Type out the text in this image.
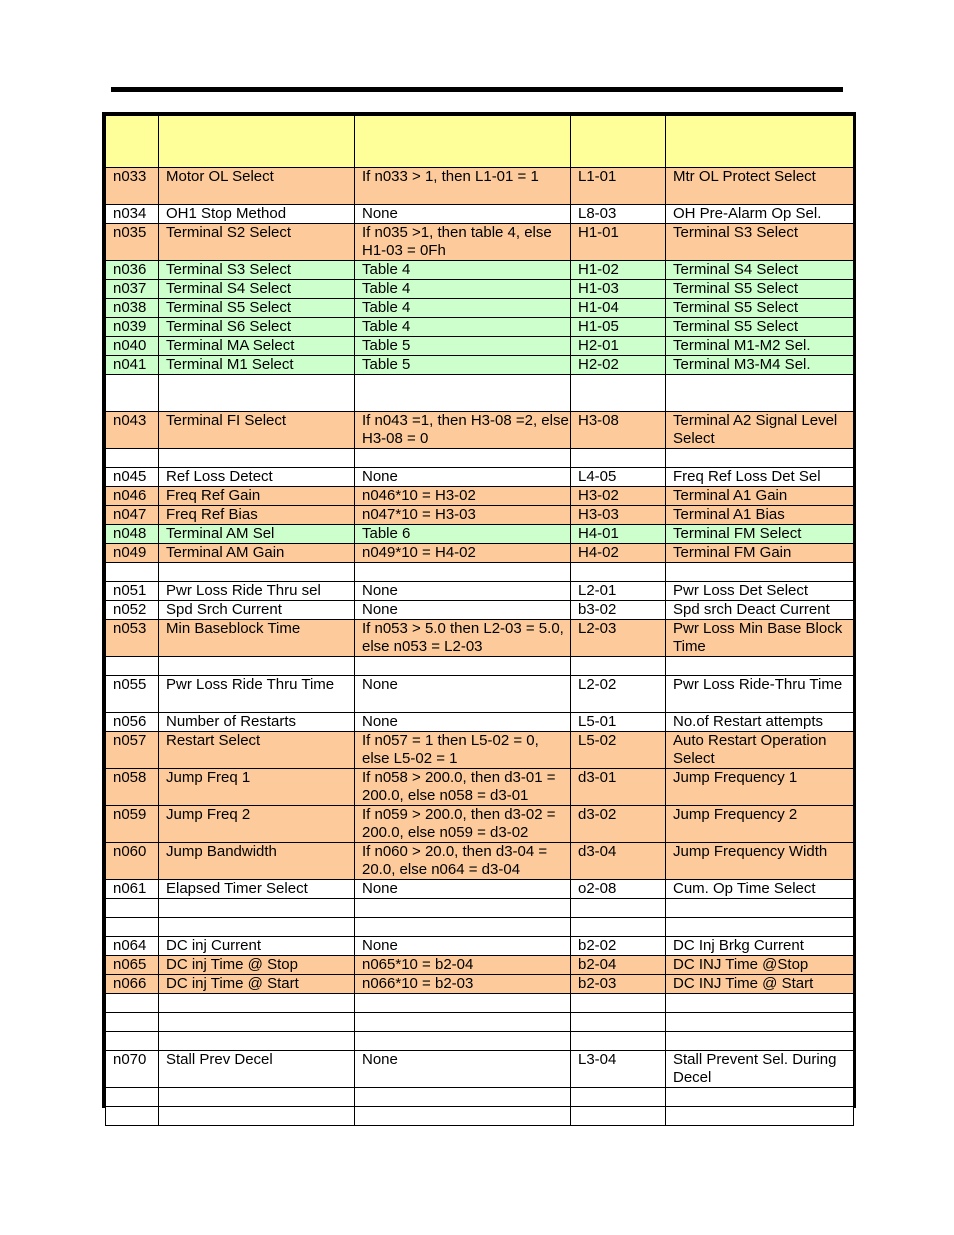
n033	Motor OL Select	If n033 > 1, then L1-01 = 1	L1-01	Mtr OL Protect Select
n034	OH1 Stop Method	None	L8-03	OH Pre-Alarm Op Sel.
n035	Terminal S2 Select	If n035 >1, then table 4, else H1-03 = 0Fh	H1-01	Terminal S3 Select
n036	Terminal S3 Select	Table 4	H1-02	Terminal S4 Select
n037	Terminal S4 Select	Table 4	H1-03	Terminal S5 Select
n038	Terminal S5 Select	Table 4	H1-04	Terminal S5 Select
n039	Terminal S6 Select	Table 4	H1-05	Terminal S5 Select
n040	Terminal MA Select	Table 5	H2-01	Terminal M1-M2 Sel.
n041	Terminal M1 Select	Table 5	H2-02	Terminal M3-M4 Sel.

n043	Terminal FI Select	If n043 =1, then H3-08 =2, else H3-08 = 0	H3-08	Terminal A2 Signal Level Select

n045	Ref Loss Detect	None	L4-05	Freq Ref Loss Det Sel
n046	Freq Ref Gain	n046*10 = H3-02	H3-02	Terminal A1 Gain
n047	Freq Ref Bias	n047*10 = H3-03	H3-03	Terminal A1 Bias
n048	Terminal AM Sel	Table 6	H4-01	Terminal FM Select
n049	Terminal AM Gain	n049*10 = H4-02	H4-02	Terminal FM Gain

n051	Pwr Loss Ride Thru sel	None	L2-01	Pwr Loss Det Select
n052	Spd Srch Current	None	b3-02	Spd srch Deact Current
n053	Min Baseblock Time	If n053 > 5.0 then L2-03 = 5.0, else n053 = L2-03	L2-03	Pwr Loss Min Base Block Time

n055	Pwr Loss Ride Thru Time	None	L2-02	Pwr Loss Ride-Thru Time
n056	Number of Restarts	None	L5-01	No.of Restart attempts
n057	Restart Select	If n057 = 1 then L5-02 = 0, else L5-02 = 1	L5-02	Auto Restart Operation Select
n058	Jump Freq 1	If n058 > 200.0, then d3-01 = 200.0, else n058 = d3-01	d3-01	Jump Frequency 1
n059	Jump Freq 2	If n059 > 200.0, then d3-02 = 200.0, else n059 = d3-02	d3-02	Jump Frequency 2
n060	Jump Bandwidth	If n060 > 20.0, then d3-04 = 20.0, else n064 = d3-04	d3-04	Jump Frequency Width
n061	Elapsed Timer Select	None	o2-08	Cum. Op Time Select

n064	DC inj Current	None	b2-02	DC Inj Brkg Current
n065	DC inj Time @ Stop	n065*10 = b2-04	b2-04	DC INJ Time @Stop
n066	DC inj Time @ Start	n066*10 = b2-03	b2-03	DC INJ Time @ Start

n070	Stall Prev Decel	None	L3-04	Stall Prevent Sel. During Decel
